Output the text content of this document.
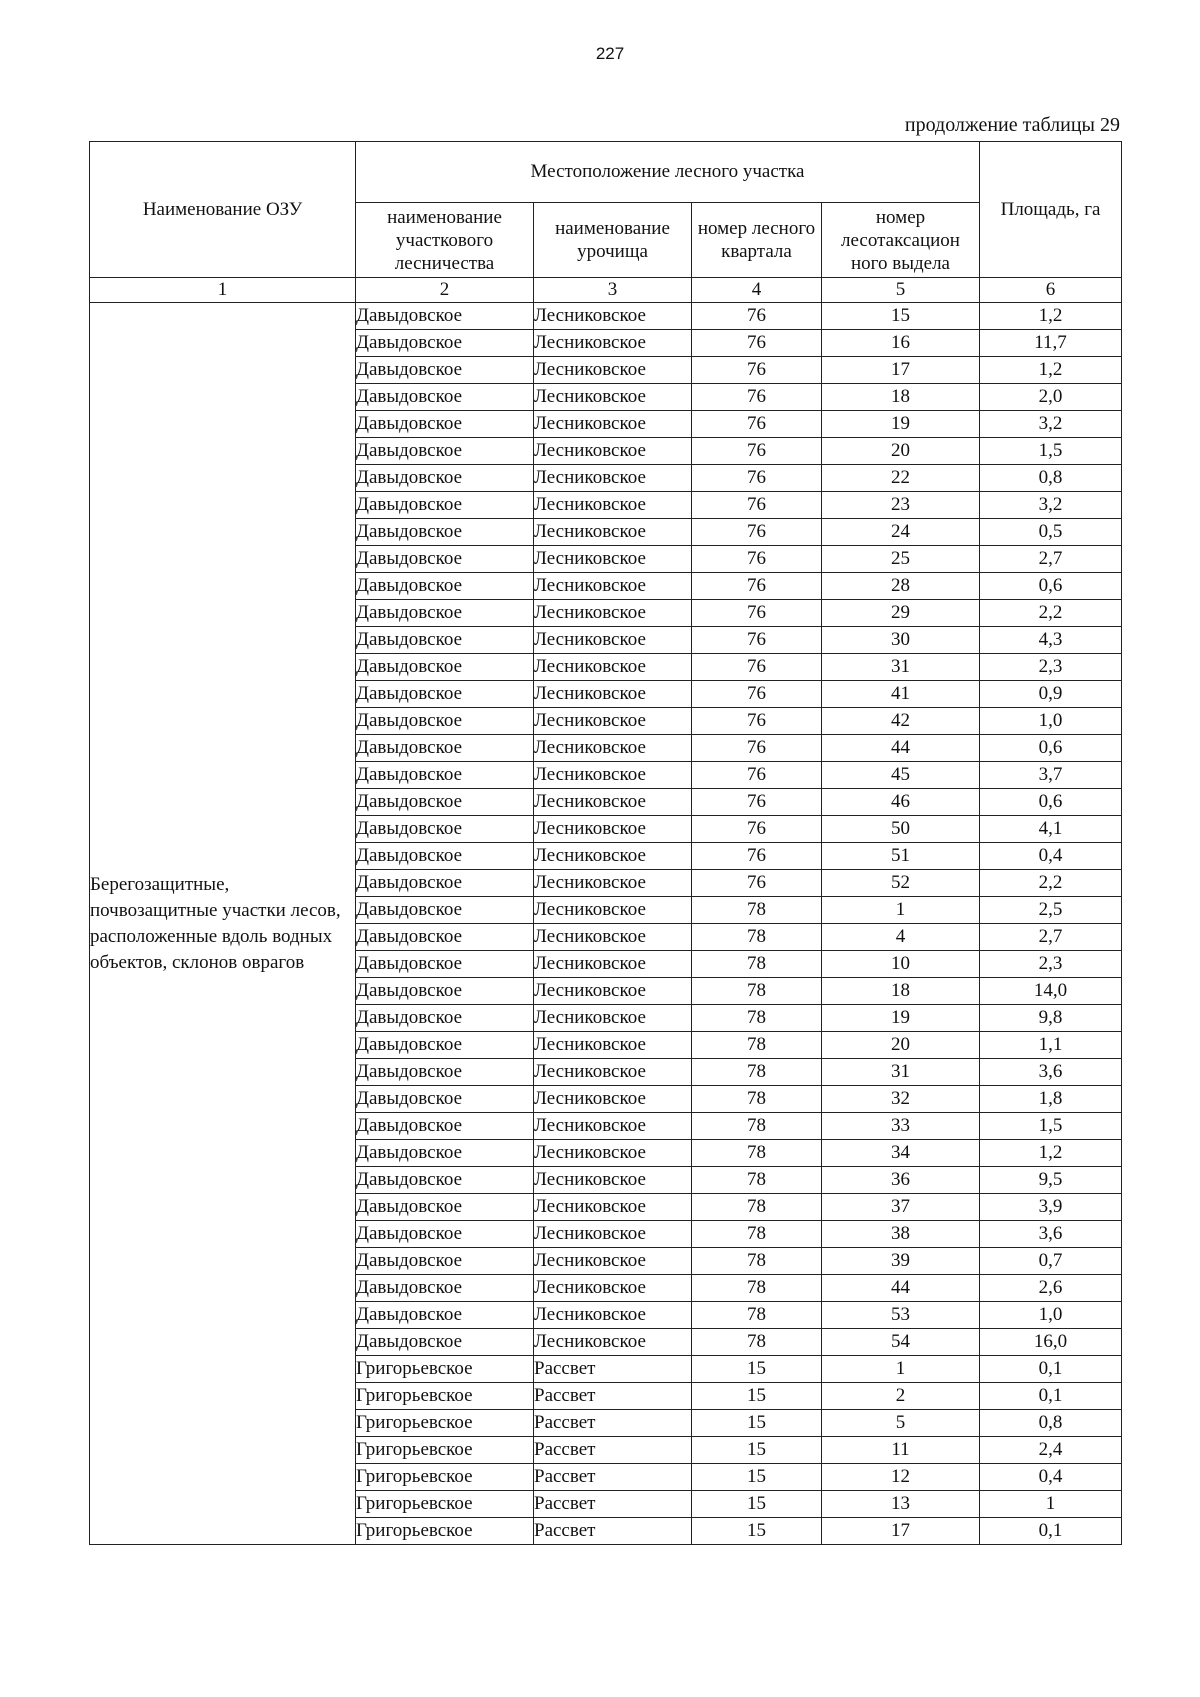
227
продолжение таблицы 29
Наименование ОЗУ	Местоположение лесного участка				Площадь, га
	наименование участкового лесничества	наименование урочища	номер лесного квартала	номер лесотаксацион ного выдела	
1	2	3	4	5	6
Берегозащитные, почвозащитные участки лесов, расположенные вдоль водных объектов, склонов оврагов	Давыдовское	Лесниковское	76	15	1,2
	Давыдовское	Лесниковское	76	16	11,7
	Давыдовское	Лесниковское	76	17	1,2
	Давыдовское	Лесниковское	76	18	2,0
	Давыдовское	Лесниковское	76	19	3,2
	Давыдовское	Лесниковское	76	20	1,5
	Давыдовское	Лесниковское	76	22	0,8
	Давыдовское	Лесниковское	76	23	3,2
	Давыдовское	Лесниковское	76	24	0,5
	Давыдовское	Лесниковское	76	25	2,7
	Давыдовское	Лесниковское	76	28	0,6
	Давыдовское	Лесниковское	76	29	2,2
	Давыдовское	Лесниковское	76	30	4,3
	Давыдовское	Лесниковское	76	31	2,3
	Давыдовское	Лесниковское	76	41	0,9
	Давыдовское	Лесниковское	76	42	1,0
	Давыдовское	Лесниковское	76	44	0,6
	Давыдовское	Лесниковское	76	45	3,7
	Давыдовское	Лесниковское	76	46	0,6
	Давыдовское	Лесниковское	76	50	4,1
	Давыдовское	Лесниковское	76	51	0,4
	Давыдовское	Лесниковское	76	52	2,2
	Давыдовское	Лесниковское	78	1	2,5
	Давыдовское	Лесниковское	78	4	2,7
	Давыдовское	Лесниковское	78	10	2,3
	Давыдовское	Лесниковское	78	18	14,0
	Давыдовское	Лесниковское	78	19	9,8
	Давыдовское	Лесниковское	78	20	1,1
	Давыдовское	Лесниковское	78	31	3,6
	Давыдовское	Лесниковское	78	32	1,8
	Давыдовское	Лесниковское	78	33	1,5
	Давыдовское	Лесниковское	78	34	1,2
	Давыдовское	Лесниковское	78	36	9,5
	Давыдовское	Лесниковское	78	37	3,9
	Давыдовское	Лесниковское	78	38	3,6
	Давыдовское	Лесниковское	78	39	0,7
	Давыдовское	Лесниковское	78	44	2,6
	Давыдовское	Лесниковское	78	53	1,0
	Давыдовское	Лесниковское	78	54	16,0
	Григорьевское	Рассвет	15	1	0,1
	Григорьевское	Рассвет	15	2	0,1
	Григорьевское	Рассвет	15	5	0,8
	Григорьевское	Рассвет	15	11	2,4
	Григорьевское	Рассвет	15	12	0,4
	Григорьевское	Рассвет	15	13	1
	Григорьевское	Рассвет	15	17	0,1
